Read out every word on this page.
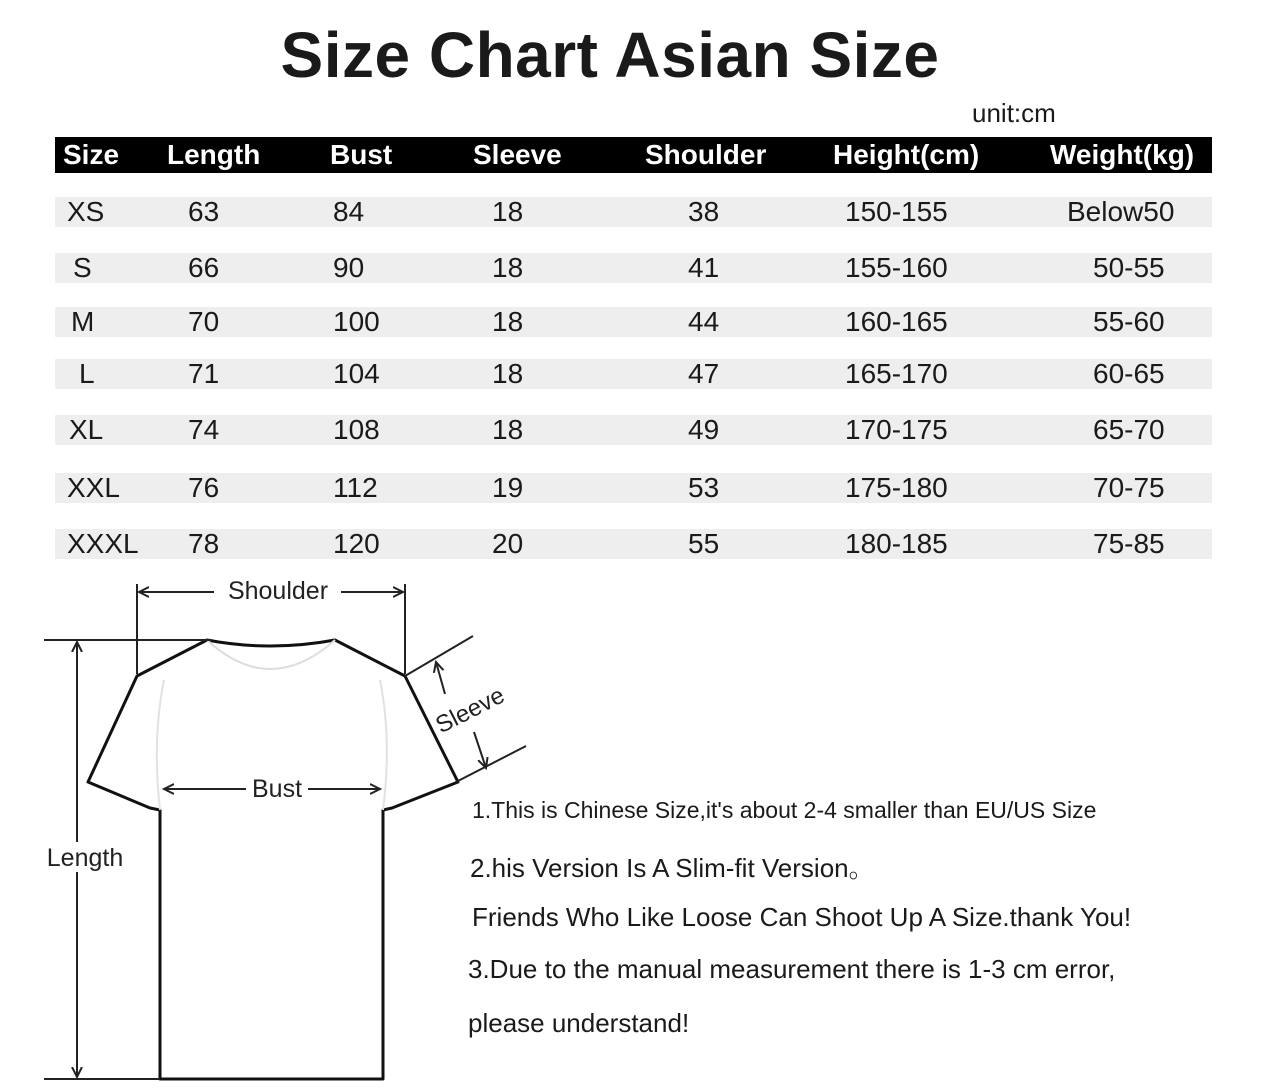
Size Chart Asian Size
unit:cm
Size Length Bust	Sleeve	Shoulder Height(cm)	Weight(kg)
XS	63	84	18	38	150-155	Below50
S	66	90	18	41	155-160	50-55
M	70	100	18	44	160-165	55-60
L	71	104	18	47	165-170	60-65
XL	74	108	18	49	170-175	65-70
XXL 76	112	19	53	175-180	70-75
XXXL 78	120	20	55	180-185	75-85
Shoulder
Sleeve
Bust
Length
1.This is Chinese Size,it's about 2-4 smaller than EU/US Size
2.his Version Is A Slim-fit Version。
Friends Who Like Loose Can Shoot Up A Size.thank You!
3.Due to the manual measurement there is 1-3 cm error,
please understand!
